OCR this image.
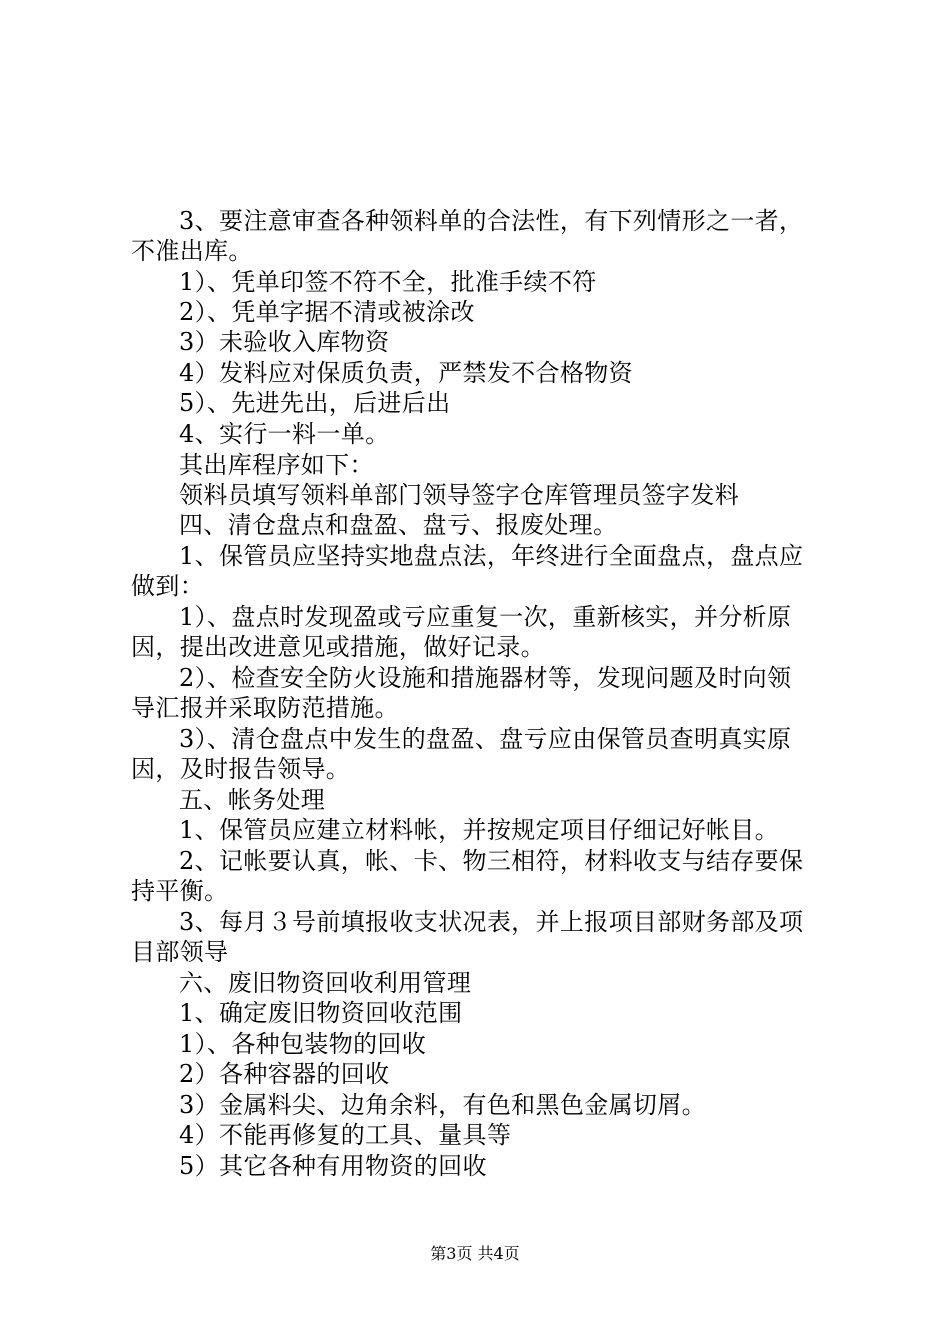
3、要注意审查各种领料单的合法性，有下列情形之一者，
不准出库。
1）、凭单印签不符不全，批准手续不符
2）、凭单字据不清或被涂改
3）未验收入库物资
4）发料应对保质负责，严禁发不合格物资
5）、先进先出，后进后出
4、实行一料一单。
其出库程序如下：
领料员填写领料单部门领导签字仓库管理员签字发料
四、清仓盘点和盘盈、盘亏、报废处理。
1、保管员应坚持实地盘点法，年终进行全面盘点，盘点应
做到：
1）、盘点时发现盈或亏应重复一次，重新核实，并分析原
因，提出改进意见或措施，做好记录。
2）、检查安全防火设施和措施器材等，发现问题及时向领
导汇报并采取防范措施。
3）、清仓盘点中发生的盘盈、盘亏应由保管员查明真实原
因，及时报告领导。
五、帐务处理
1、保管员应建立材料帐，并按规定项目仔细记好帐目。
2、记帐要认真，帐、卡、物三相符，材料收支与结存要保
持平衡。
3、每月３号前填报收支状况表，并上报项目部财务部及项
目部领导
六、废旧物资回收利用管理
1、确定废旧物资回收范围
1）、各种包装物的回收
2）各种容器的回收
3）金属料尖、边角余料，有色和黑色金属切屑。
4）不能再修复的工具、量具等
5）其它各种有用物资的回收
第3页 共4页
